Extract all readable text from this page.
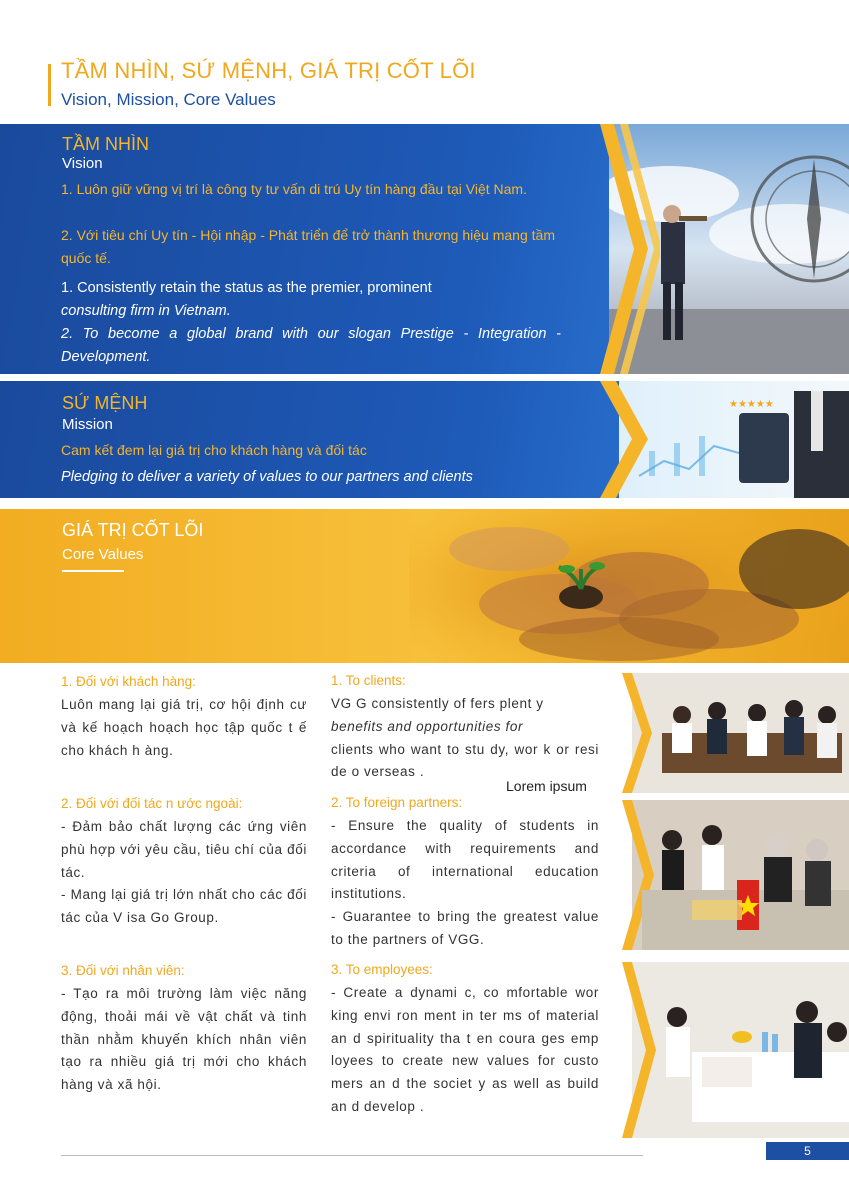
TẦM NHÌN, SỨ MỆNH, GIÁ TRỊ CỐT LÕI
Vision, Mission, Core Values
TẦM NHÌN
Vision
1. Luôn giữ vững vị trí là công ty tư vấn di trú Uy tín hàng đầu tại Việt Nam.
2. Với tiêu chí Uy tín - Hội nhập - Phát triển để trở thành thương hiệu mang tầm quốc tế.
1. Consistently retain the status as the premier, prominent
consulting firm in Vietnam.
2. To become a global brand with our slogan Prestige - Integration - Development.
★★★★★
SỨ MỆNH
Mission
Cam kết đem lại giá trị cho khách hàng và đối tác
Pledging to deliver a variety of values to our partners and clients
GIÁ TRỊ CỐT LÕI
Core Values
1. Đối với khách hàng:
Luôn mang lại giá trị, cơ hội định cư và kế hoạch hoạch học tập quốc t ế cho khách h àng.
2. Đối với đối tác n ước ngoài:
- Đảm bảo chất lượng các ứng viên phù hợp với yêu cầu, tiêu chí của đối tác.
- Mang lại giá trị lớn nhất cho các đối tác của V isa Go Group.
3. Đối với nhân viên:
- Tạo ra môi trường làm việc năng động, thoải mái về vật chất và tinh thần nhằm khuyến khích nhân viên tạo ra nhiều giá trị mới cho khách hàng và xã hội.
1. To clients:
VG G consistently of fers plent y
benefits and opportunities for
clients who want to stu dy, wor k or resi de o verseas .
Lorem ipsum
2. To foreign partners:
- Ensure the quality of students in accordance with requirements and criteria of international education institutions.
- Guarantee to bring the greatest value to the partners of VGG.
3. To employees:
- Create a dynami c, co mfortable wor king envi ron ment in ter ms of material an d spirituality tha t en coura ges emp loyees to create new values for custo mers an d the societ y as well as build an d develop .
5
